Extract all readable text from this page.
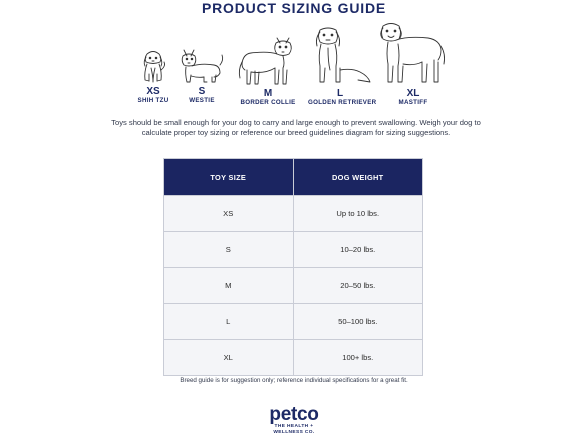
PRODUCT SIZING GUIDE
XS
SHIH TZU
S
WESTIE
M
BORDER COLLIE
L
GOLDEN RETRIEVER
XL
MASTIFF
Toys should be small enough for your dog to carry and large enough to prevent swallowing. Weigh your dog to calculate proper toy sizing or reference our breed guidelines diagram for sizing suggestions.
TOY SIZE	DOG WEIGHT
XS	Up to 10 lbs.
S	10–20 lbs.
M	20–50 lbs.
L	50–100 lbs.
XL	100+ lbs.
Breed guide is for suggestion only; reference individual specifications for a great fit.
petco
THE HEALTH +
WELLNESS CO.
